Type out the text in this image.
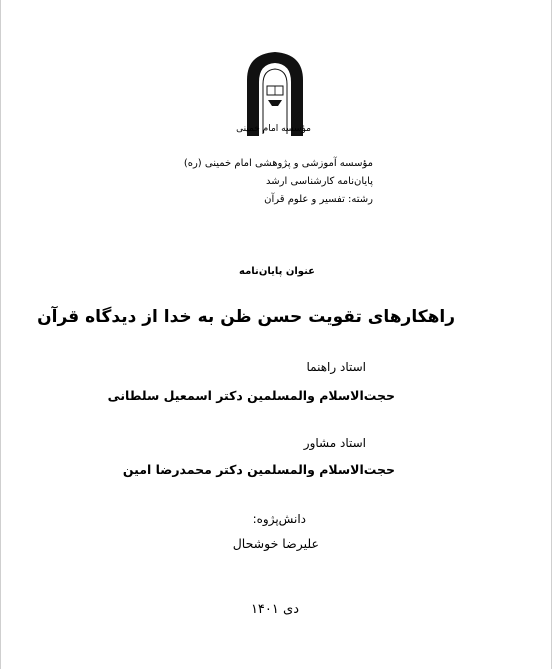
مؤسسه امام خمینی
مؤسسه آموزشی و پژوهشی امام خمینی (ره)
پایان‌نامه کارشناسی ارشد
رشته: تفسیر و علوم قرآن
عنوان پایان‌نامه
راهکارهای تقویت حسن ظن به خدا از دیدگاه قرآن
استاد راهنما
حجت‌الاسلام والمسلمین دکتر اسمعیل سلطانی
استاد مشاور
حجت‌الاسلام والمسلمین دکتر محمدرضا امین
دانش‌پژوه:
علیرضا خوشحال
دی ۱۴۰۱
